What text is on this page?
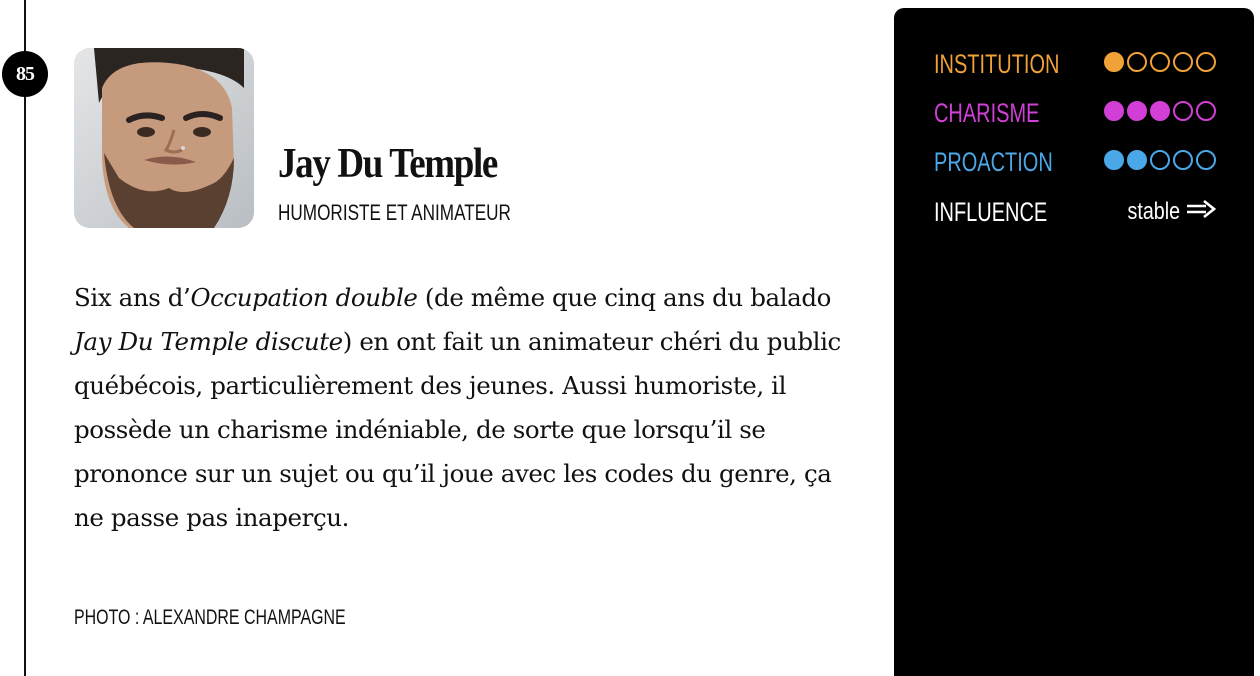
85
Jay Du Temple
HUMORISTE ET ANIMATEUR

Six ans d’Occupation double (de même que cinq ans du balado Jay Du Temple discute) en ont fait un animateur chéri du public québécois, particulièrement des jeunes. Aussi humoriste, il possède un charisme indéniable, de sorte que lorsqu’il se prononce sur un sujet ou qu’il joue avec les codes du genre, ça ne passe pas inaperçu.

PHOTO : ALEXANDRE CHAMPAGNE
INSTITUTION
CHARISME
PROACTION
INFLUENCE	stable
